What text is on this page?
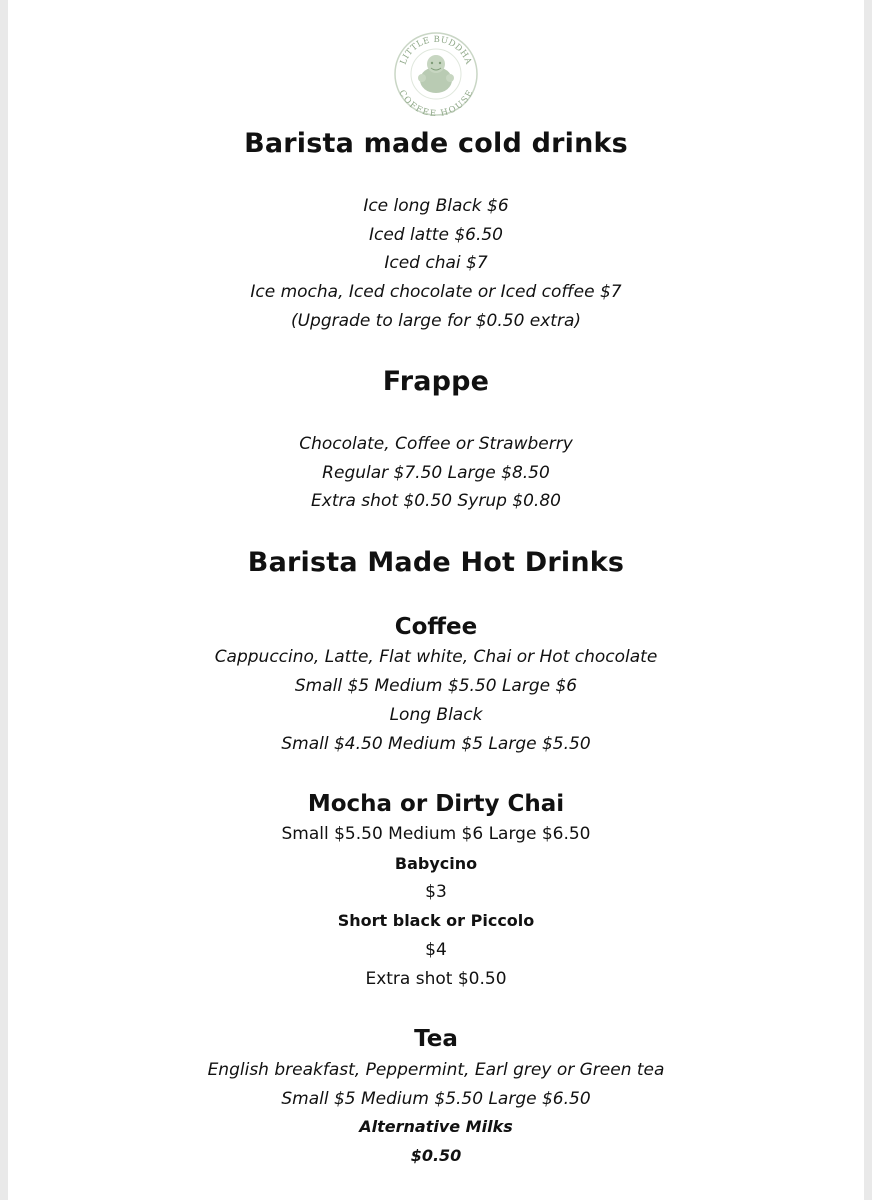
LITTLE BUDDHA
COFFEE HOUSE
Barista made cold drinks
Ice long Black $6
Iced latte $6.50
Iced chai $7
Ice mocha, Iced chocolate or Iced coffee $7
(Upgrade to large for $0.50 extra)
Frappe
Chocolate, Coffee or Strawberry
Regular $7.50 Large $8.50
Extra shot $0.50 Syrup $0.80
Barista Made Hot Drinks
Coffee
Cappuccino, Latte, Flat white, Chai or Hot chocolate
Small $5 Medium $5.50 Large $6
Long Black
Small $4.50 Medium $5 Large $5.50
Mocha or Dirty Chai
Small $5.50 Medium $6 Large $6.50
Babycino
$3
Short black or Piccolo
$4
Extra shot $0.50
Tea
English breakfast, Peppermint, Earl grey or Green tea
Small $5 Medium $5.50 Large $6.50
Alternative Milks
$0.50
